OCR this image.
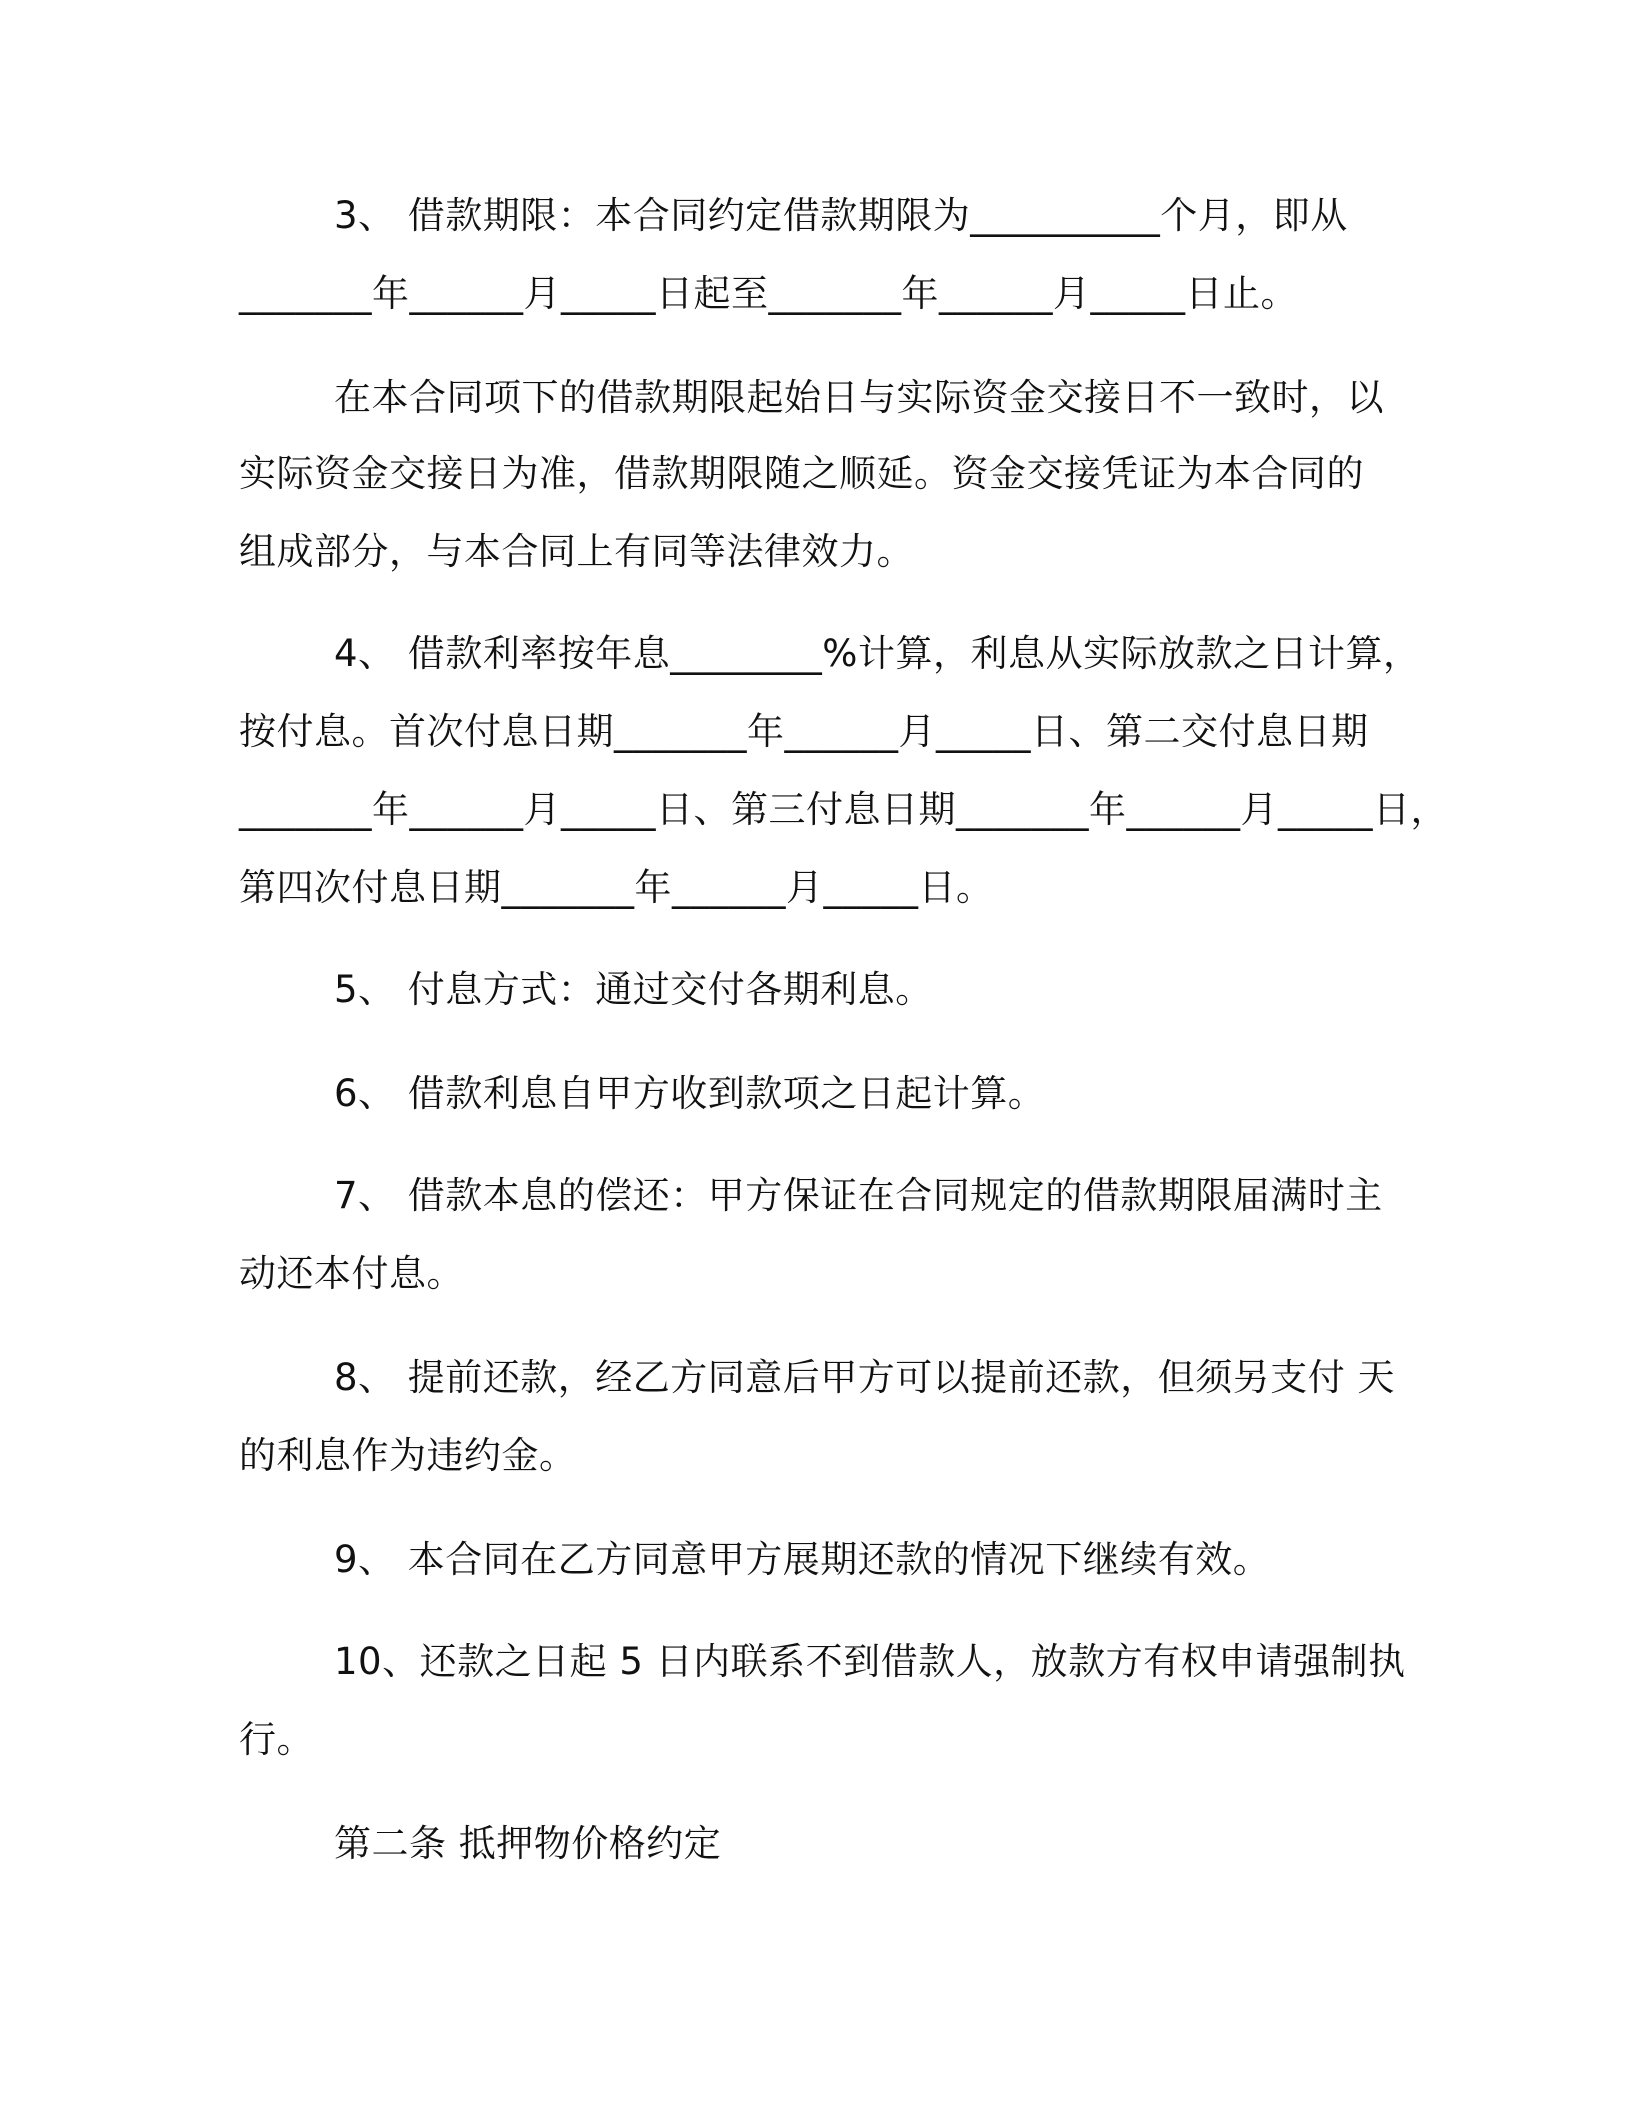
3、 借款期限：本合同约定借款期限为__________个月，即从
_______年______月_____日起至_______年______月_____日止。
在本合同项下的借款期限起始日与实际资金交接日不一致时，以
实际资金交接日为准，借款期限随之顺延。资金交接凭证为本合同的
组成部分，与本合同上有同等法律效力。
4、 借款利率按年息________%计算，利息从实际放款之日计算，
按付息。首次付息日期_______年______月_____日、第二交付息日期
_______年______月_____日、第三付息日期_______年______月_____日，
第四次付息日期_______年______月_____日。
5、 付息方式：通过交付各期利息。
6、 借款利息自甲方收到款项之日起计算。
7、 借款本息的偿还：甲方保证在合同规定的借款期限届满时主
动还本付息。
8、 提前还款，经乙方同意后甲方可以提前还款，但须另支付 天
的利息作为违约金。
9、 本合同在乙方同意甲方展期还款的情况下继续有效。
10、还款之日起 5 日内联系不到借款人，放款方有权申请强制执
行。
第二条 抵押物价格约定
